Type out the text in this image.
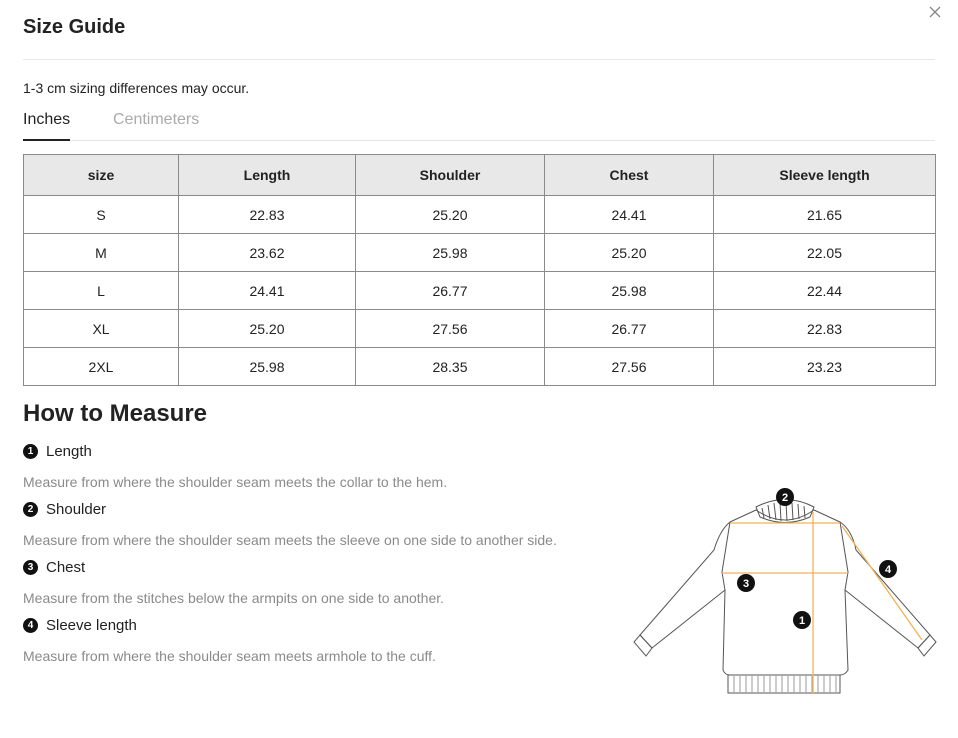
Size Guide
1-3 cm sizing differences may occur.
Inches	Centimeters
size	Length	Shoulder	Chest	Sleeve length
S	22.83	25.20	24.41	21.65
M	23.62	25.98	25.20	22.05
L	24.41	26.77	25.98	22.44
XL	25.20	27.56	26.77	22.83
2XL	25.98	28.35	27.56	23.23
How to Measure
1 Length
Measure from where the shoulder seam meets the collar to the hem.
2 Shoulder
Measure from where the shoulder seam meets the sleeve on one side to another side.
3 Chest
Measure from the stitches below the armpits on one side to another.
4 Sleeve length
Measure from where the shoulder seam meets armhole to the cuff.
1
2
3
4
